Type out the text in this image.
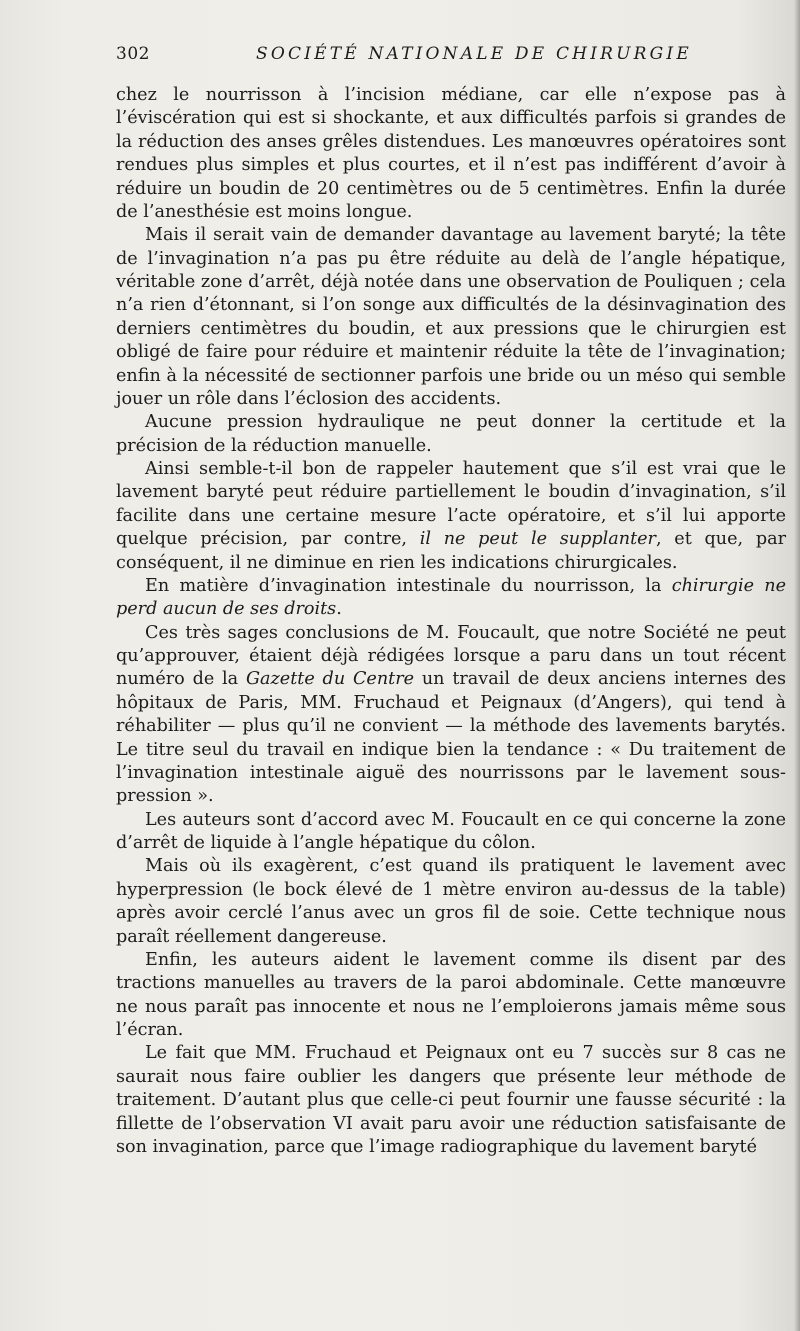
302	SOCIÉTÉ NATIONALE DE CHIRURGIE

chez le nourrisson à l’incision médiane, car elle n’expose pas à l’éviscération qui est si shockante, et aux difficultés parfois si grandes de la réduction des anses grêles distendues. Les manœuvres opératoires sont rendues plus simples et plus courtes, et il n’est pas indifférent d’avoir à réduire un boudin de 20 centimètres ou de 5 centimètres. Enfin la durée de l’anesthésie est moins longue.

Mais il serait vain de demander davantage au lavement baryté; la tête de l’invagination n’a pas pu être réduite au delà de l’angle hépatique, véritable zone d’arrêt, déjà notée dans une observation de Pouliquen ; cela n’a rien d’étonnant, si l’on songe aux difficultés de la désinvagination des derniers centimètres du boudin, et aux pressions que le chirurgien est obligé de faire pour réduire et maintenir réduite la tête de l’invagination; enfin à la nécessité de sectionner parfois une bride ou un méso qui semble jouer un rôle dans l’éclosion des accidents.

Aucune pression hydraulique ne peut donner la certitude et la précision de la réduction manuelle.

Ainsi semble-t-il bon de rappeler hautement que s’il est vrai que le lavement baryté peut réduire partiellement le boudin d’invagination, s’il facilite dans une certaine mesure l’acte opératoire, et s’il lui apporte quelque précision, par contre, il ne peut le supplanter, et que, par conséquent, il ne diminue en rien les indications chirurgicales.

En matière d’invagination intestinale du nourrisson, la chirurgie ne perd aucun de ses droits.

Ces très sages conclusions de M. Foucault, que notre Société ne peut qu’approuver, étaient déjà rédigées lorsque a paru dans un tout récent numéro de la Gazette du Centre un travail de deux anciens internes des hôpitaux de Paris, MM. Fruchaud et Peignaux (d’Angers), qui tend à réhabiliter — plus qu’il ne convient — la méthode des lavements barytés. Le titre seul du travail en indique bien la tendance : « Du traitement de l’invagination intestinale aiguë des nourrissons par le lavement sous-pression ».

Les auteurs sont d’accord avec M. Foucault en ce qui concerne la zone d’arrêt de liquide à l’angle hépatique du côlon.

Mais où ils exagèrent, c’est quand ils pratiquent le lavement avec hyperpression (le bock élevé de 1 mètre environ au-dessus de la table) après avoir cerclé l’anus avec un gros fil de soie. Cette technique nous paraît réellement dangereuse.

Enfin, les auteurs aident le lavement comme ils disent par des tractions manuelles au travers de la paroi abdominale. Cette manœuvre ne nous paraît pas innocente et nous ne l’emploierons jamais même sous l’écran.

Le fait que MM. Fruchaud et Peignaux ont eu 7 succès sur 8 cas ne saurait nous faire oublier les dangers que présente leur méthode de traitement. D’autant plus que celle-ci peut fournir une fausse sécurité : la fillette de l’observation VI avait paru avoir une réduction satisfaisante de son invagination, parce que l’image radiographique du lavement baryté
